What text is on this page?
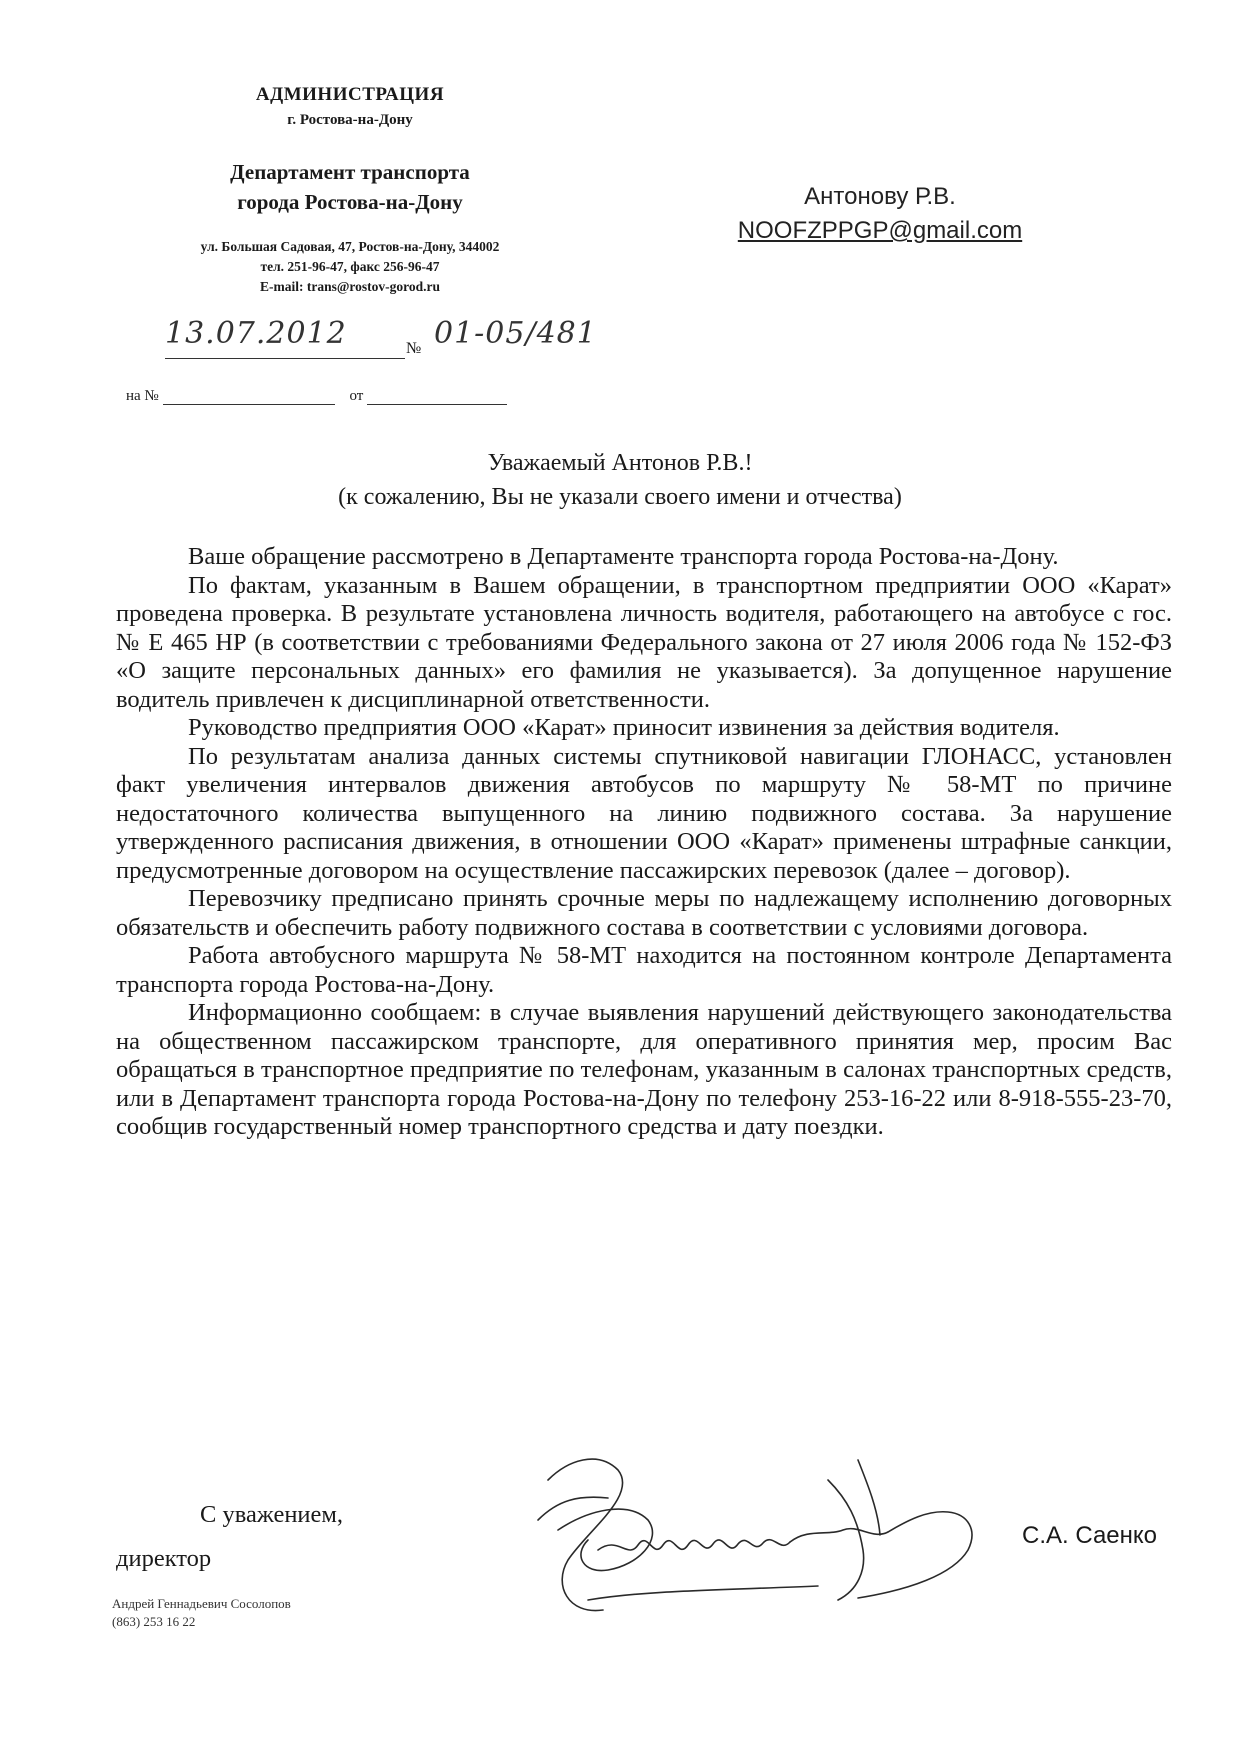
АДМИНИСТРАЦИЯ

г. Ростова-на-Дону

Департамент транспорта
города Ростова-на-Дону

ул. Большая Садовая, 47, Ростов-на-Дону, 344002
тел. 251-96-47, факс 256-96-47
E-mail: trans@rostov-gorod.ru
13.07.2012	№ 01-05/481
на №	от
Антонову Р.В.
NOOFZPPGP@gmail.com
Уважаемый Антонов Р.В.!
(к сожалению, Вы не указали своего имени и отчества)

Ваше обращение рассмотрено в Департаменте транспорта города Ростова-на-Дону.

По фактам, указанным в Вашем обращении, в транспортном предприятии ООО «Карат» проведена проверка. В результате установлена личность водителя, работающего на автобусе с гос. № Е 465 НР (в соответствии с требованиями Федерального закона от 27 июля 2006 года № 152-ФЗ «О защите персональных данных» его фамилия не указывается). За допущенное нарушение водитель привлечен к дисциплинарной ответственности.

Руководство предприятия ООО «Карат» приносит извинения за действия водителя.

По результатам анализа данных системы спутниковой навигации ГЛОНАСС, установлен факт увеличения интервалов движения автобусов по маршруту № 58-МТ по причине недостаточного количества выпущенного на линию подвижного состава. За нарушение утвержденного расписания движения, в отношении ООО «Карат» применены штрафные санкции, предусмотренные договором на осуществление пассажирских перевозок (далее – договор).

Перевозчику предписано принять срочные меры по надлежащему исполнению договорных обязательств и обеспечить работу подвижного состава в соответствии с условиями договора.

Работа автобусного маршрута № 58-МТ находится на постоянном контроле Департамента транспорта города Ростова-на-Дону.

Информационно сообщаем: в случае выявления нарушений действующего законодательства на общественном пассажирском транспорте, для оперативного принятия мер, просим Вас обращаться в транспортное предприятие по телефонам, указанным в салонах транспортных средств, или в Департамент транспорта города Ростова-на-Дону по телефону 253-16-22 или 8-918-555-23-70, сообщив государственный номер транспортного средства и дату поездки.

С уважением,
директор
С.А. Саенко
Андрей Геннадьевич Сосолопов
(863) 253 16 22
